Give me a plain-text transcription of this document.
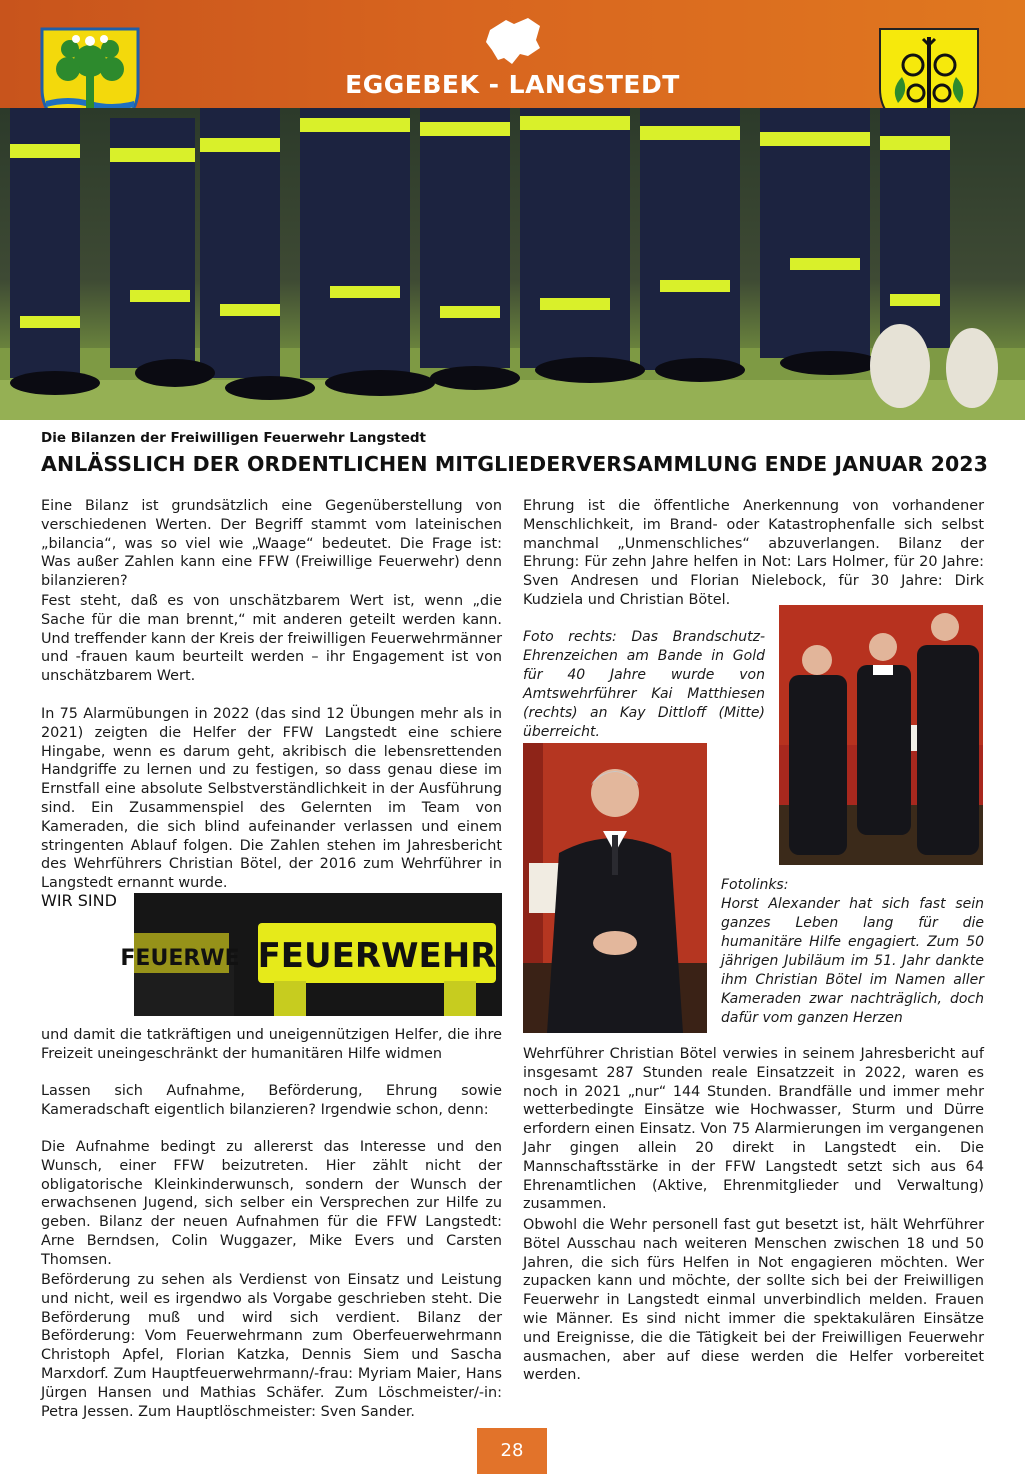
EGGEBEK - LANGSTEDT
Die Bilanzen der Freiwilligen Feuerwehr Langstedt
ANLÄSSLICH DER ORDENTLICHEN MITGLIEDERVERSAMMLUNG ENDE JANUAR 2023

Eine Bilanz ist grundsätzlich eine Gegenüberstellung von verschiedenen Werten. Der Begriff stammt vom lateinischen „bilancia“, was so viel wie „Waage“ bedeutet. Die Frage ist: Was außer Zahlen kann eine FFW (Freiwillige Feuerwehr) denn bilanzieren?

Fest steht, daß es von unschätzbarem Wert ist, wenn „die Sache für die man brennt,“ mit anderen geteilt werden kann. Und treffender kann der Kreis der freiwilligen Feuerwehrmänner und -frauen kaum beurteilt werden – ihr Engagement ist von unschätzbarem Wert.

In 75 Alarmübungen in 2022 (das sind 12 Übungen mehr als in 2021) zeigten die Helfer der FFW Langstedt eine schiere Hingabe, wenn es darum geht, akribisch die lebensrettenden Handgriffe zu lernen und zu festigen, so dass genau diese im Ernstfall eine absolute Selbstverständlichkeit in der Ausführung sind. Ein Zusammenspiel des Gelernten im Team von Kameraden, die sich blind aufeinander verlassen und einem stringenten Ablauf folgen. Die Zahlen stehen im Jahresbericht des Wehrführers Christian Bötel, der 2016 zum Wehrführer in Langstedt ernannt wurde.

WIR SIND
FEUERWEHR
FEUERWE

und damit die tatkräftigen und uneigennützigen Helfer, die ihre Freizeit uneingeschränkt der humanitären Hilfe widmen

Lassen sich Aufnahme, Beförderung, Ehrung sowie Kameradschaft eigentlich bilanzieren? Irgendwie schon, denn:

Die Aufnahme bedingt zu allererst das Interesse und den Wunsch, einer FFW beizutreten. Hier zählt nicht der obligatorische Kleinkinderwunsch, sondern der Wunsch der erwachsenen Jugend, sich selber ein Versprechen zur Hilfe zu geben. Bilanz der neuen Aufnahmen für die FFW Langstedt: Arne Berndsen, Colin Wuggazer, Mike Evers und Carsten Thomsen.

Beförderung zu sehen als Verdienst von Einsatz und Leistung und nicht, weil es irgendwo als Vorgabe geschrieben steht. Die Beförderung muß und wird sich verdient. Bilanz der Beförderung: Vom Feuerwehrmann zum Oberfeuerwehrmann Christoph Apfel, Florian Katzka, Dennis Siem und Sascha Marxdorf. Zum Hauptfeuerwehrmann/-frau: Myriam Maier, Hans Jürgen Hansen und Mathias Schäfer. Zum Löschmeister/-in: Petra Jessen. Zum Hauptlöschmeister: Sven Sander.

Ehrung ist die öffentliche Anerkennung von vorhandener Menschlichkeit, im Brand- oder Katastrophenfalle sich selbst manchmal „Unmenschliches“ abzuverlangen. Bilanz der Ehrung: Für zehn Jahre helfen in Not: Lars Holmer, für 20 Jahre: Sven Andresen und Florian Nielebock, für 30 Jahre: Dirk Kudziela und Christian Bötel.

Foto rechts: Das Brandschutz-Ehrenzeichen am Bande in Gold für 40 Jahre wurde von Amtswehrführer Kai Matthiesen (rechts) an Kay Dittloff (Mitte) überreicht.

Fotolinks:
Horst Alexander hat sich fast sein ganzes Leben lang für die humanitäre Hilfe engagiert. Zum 50 jährigen Jubiläum im 51. Jahr dankte ihm Christian Bötel im Namen aller Kameraden zwar nachträglich, doch dafür vom ganzen Herzen

Wehrführer Christian Bötel verwies in seinem Jahresbericht auf insgesamt 287 Stunden reale Einsatzzeit in 2022, waren es noch in 2021 „nur“ 144 Stunden. Brandfälle und immer mehr wetterbedingte Einsätze wie Hochwasser, Sturm und Dürre erfordern einen Einsatz. Von 75 Alarmierungen im vergangenen Jahr gingen allein 20 direkt in Langstedt ein. Die Mannschaftsstärke in der FFW Langstedt setzt sich aus 64 Ehrenamtlichen (Aktive, Ehrenmitglieder und Verwaltung) zusammen.

Obwohl die Wehr personell fast gut besetzt ist, hält Wehrführer Bötel Ausschau nach weiteren Menschen zwischen 18 und 50 Jahren, die sich fürs Helfen in Not engagieren möchten. Wer zupacken kann und möchte, der sollte sich bei der Freiwilligen Feuerwehr in Langstedt einmal unverbindlich melden. Frauen wie Männer. Es sind nicht immer die spektakulären Einsätze und Ereignisse, die die Tätigkeit bei der Freiwilligen Feuerwehr ausmachen, aber auf diese werden die Helfer vorbereitet werden.

28
